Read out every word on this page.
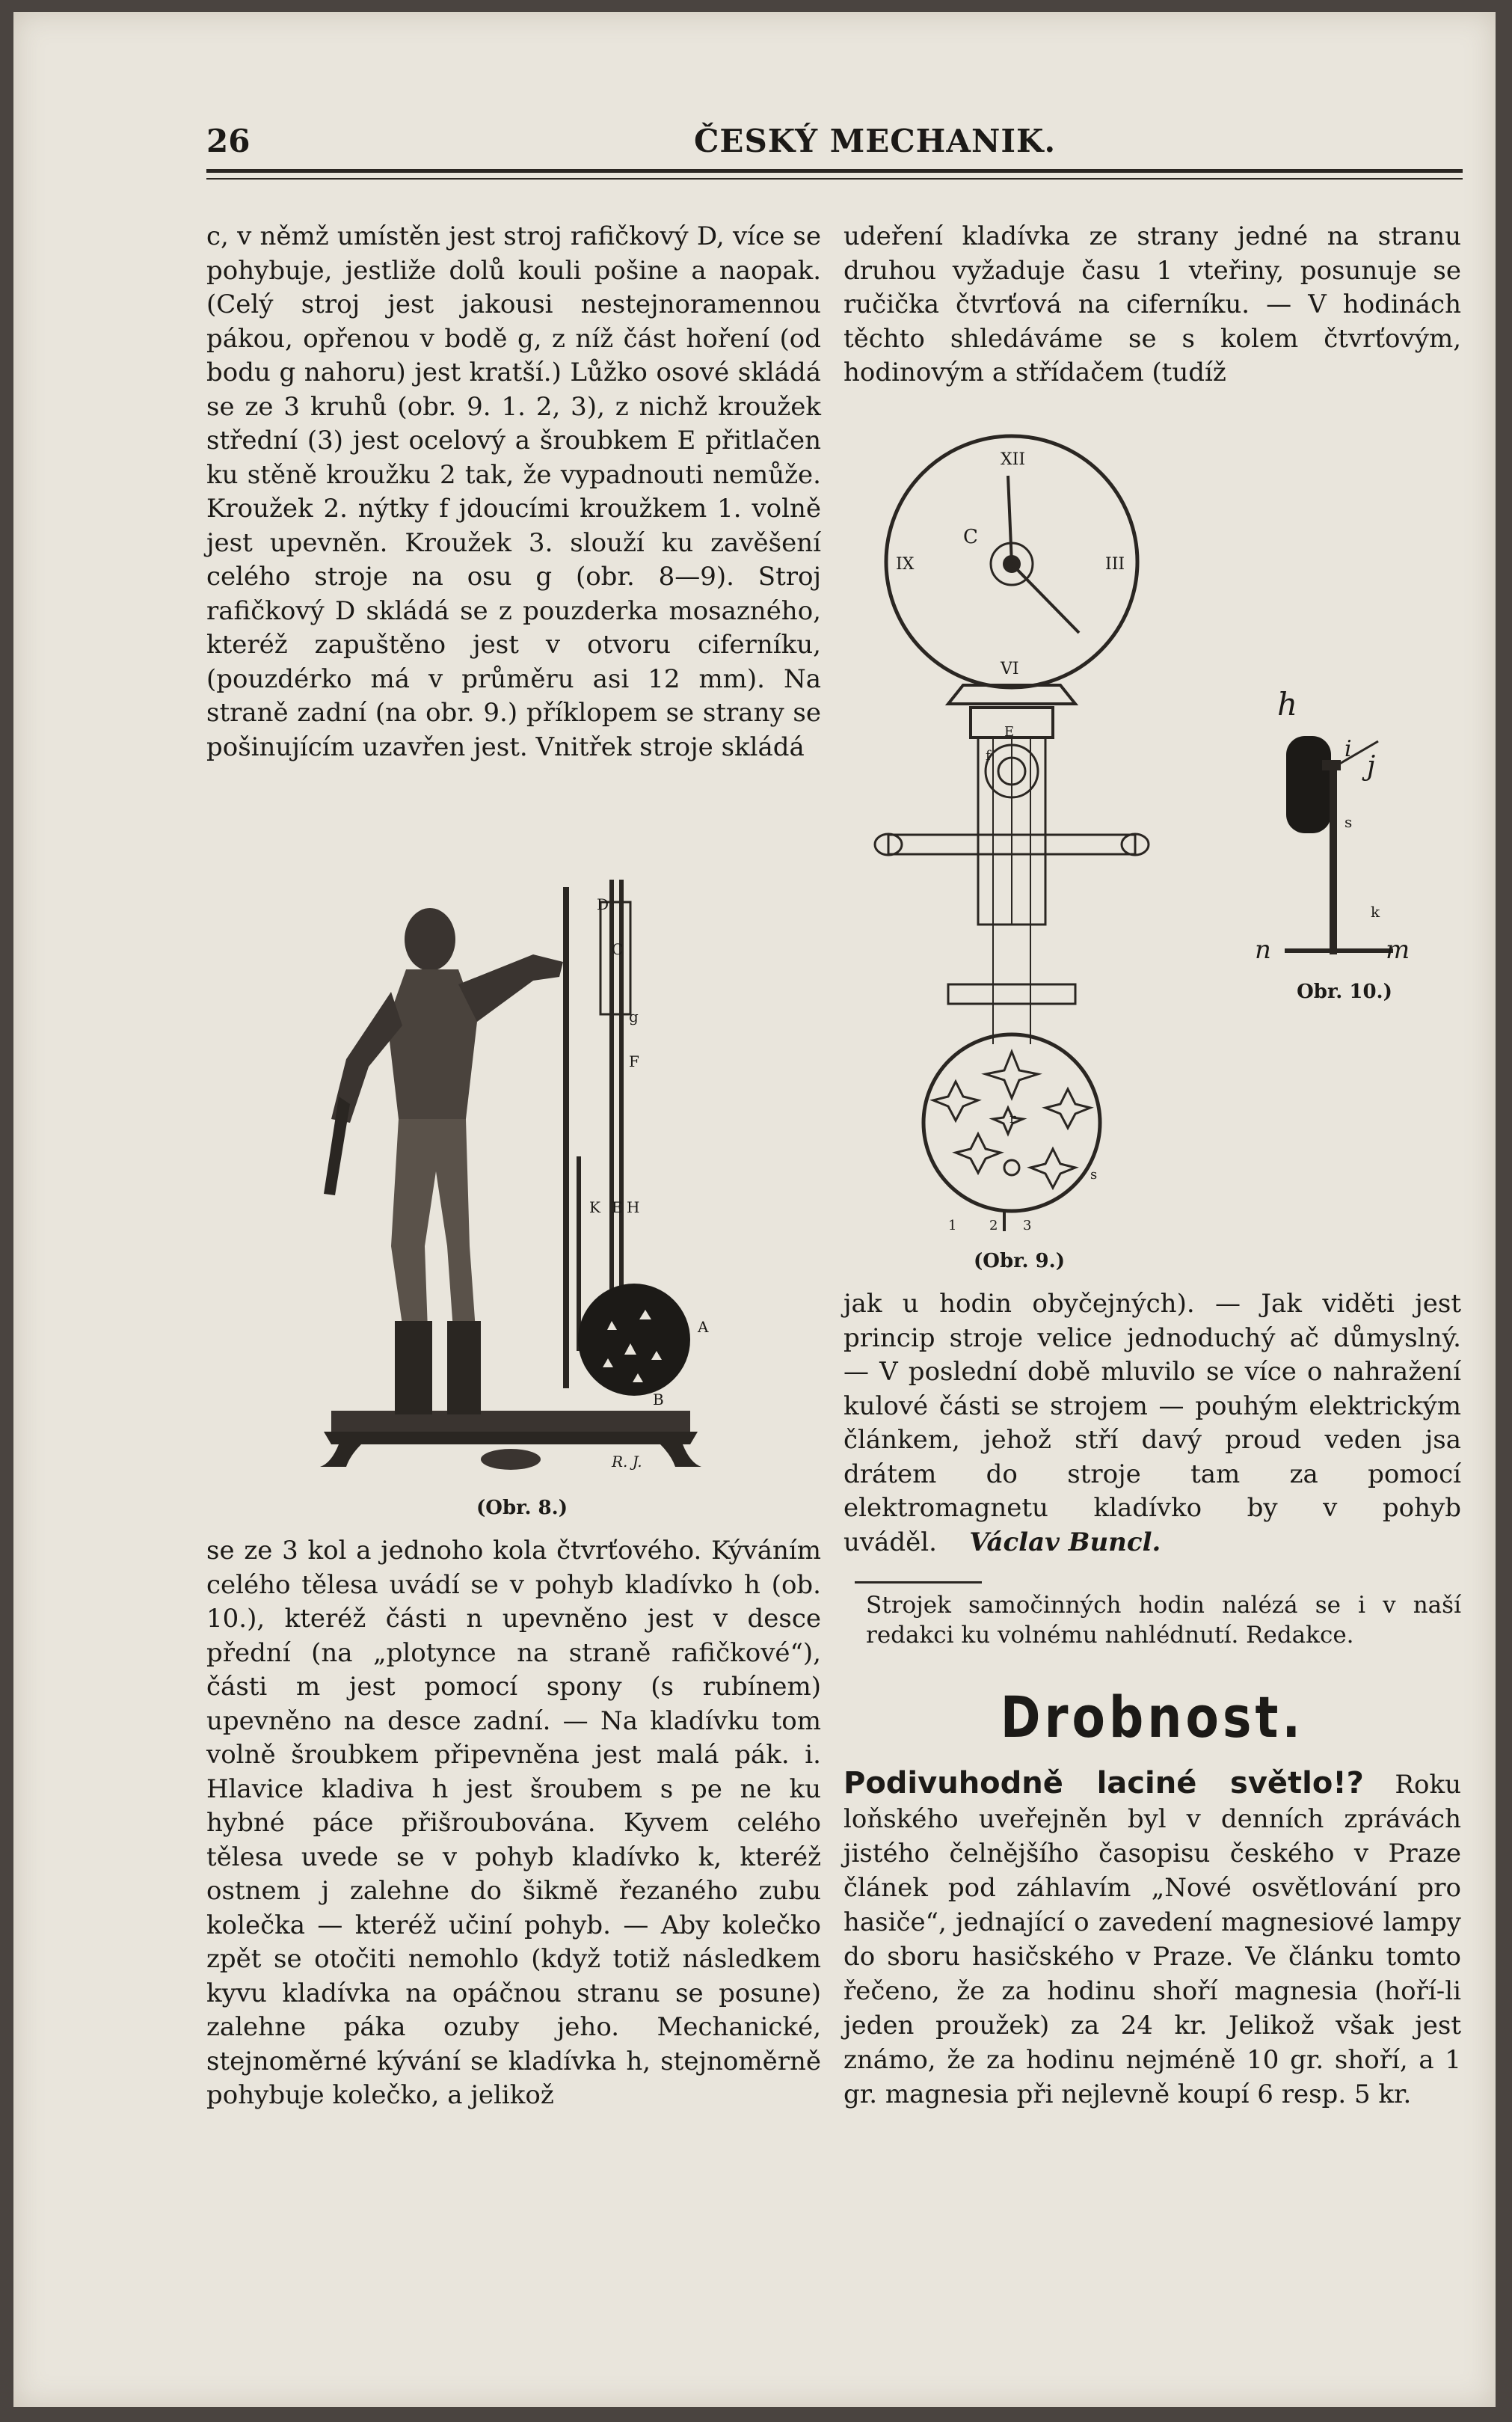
26	ČESKÝ MECHANIK.

c, v němž umístěn jest stroj rafičkový D, více se pohybuje, jestliže dolů kouli pošine a naopak. (Celý stroj jest jakousi nestejnoramennou pákou, opřenou v bodě g, z níž část hoření (od bodu g nahoru) jest kratší.) Lůžko osové skládá se ze 3 kruhů (obr. 9. 1. 2, 3), z nichž kroužek střední (3) jest ocelový a šroubkem E přitlačen ku stěně kroužku 2 tak, že vypadnouti nemůže. Kroužek 2. nýtky f jdoucími kroužkem 1. volně jest upevněn. Kroužek 3. slouží ku zavěšení celého stroje na osu g (obr. 8—9). Stroj rafičkový D skládá se z pouzderka mosazného, kteréž zapuštěno jest v otvoru ciferníku, (pouzdérko má v průměru asi 12 mm). Na straně zadní (na obr. 9.) příklopem se strany se pošinujícím uzavřen jest. Vnitřek stroje skládá

D
C
g
F
K E H
A
B
R. J.
(Obr. 8.)

se ze 3 kol a jednoho kola čtvrťového. Kýváním celého tělesa uvádí se v pohyb kladívko h (ob. 10.), kteréž části n upevněno jest v desce přední (na „plotynce na straně rafičkové“), části m jest pomocí spony (s rubínem) upevněno na desce zadní. — Na kladívku tom volně šroubkem připevněna jest malá pák. i. Hlavice kladiva h jest šroubem s pe ne ku hybné páce přišroubována. Kyvem celého tělesa uvede se v pohyb kladívko k, kteréž ostnem j zalehne do šikmě řezaného zubu kolečka — kteréž učiní pohyb. — Aby kolečko zpět se otočiti nemohlo (když totiž následkem kyvu kladívka na opáčnou stranu se posune) zalehne páka ozuby jeho. Mechanické, stejnoměrné kývání se kladívka h, stejnoměrně pohybuje kolečko, a jelikož

udeření kladívka ze strany jedné na stranu druhou vyžaduje času 1 vteřiny, posunuje se ručička čtvrťová na ciferníku. — V hodinách těchto shledáváme se s kolem čtvrťovým, hodinovým a střídačem (tudíž

XII
III
VI
IX
C
E
f
r
s
1 2 3
(Obr. 9.)
h
i
j
s
k
n	m
Obr. 10.)

jak u hodin obyčejných). — Jak viděti jest princip stroje velice jednoduchý ač důmyslný. — V poslední době mluvilo se více o nahražení kulové části se strojem — pouhým elektrickým článkem, jehož stří davý proud veden jsa drátem do stroje tam za pomocí elektromagnetu kladívko by v pohyb uváděl. Václav Buncl.

Strojek samočinných hodin nalézá se i v naší redakci ku volnému nahlédnutí. Redakce.

Drobnost.

Podivuhodně laciné světlo!? Roku loňského uveřejněn byl v denních zprávách jistého čelnějšího časopisu českého v Praze článek pod záhlavím „Nové osvětlování pro hasiče“, jednající o zavedení magnesiové lampy do sboru hasičského v Praze. Ve článku tomto řečeno, že za hodinu shoří magnesia (hoří-li jeden proužek) za 24 kr. Jelikož však jest známo, že za hodinu nejméně 10 gr. shoří, a 1 gr. magnesia při nejlevně koupí 6 resp. 5 kr.
